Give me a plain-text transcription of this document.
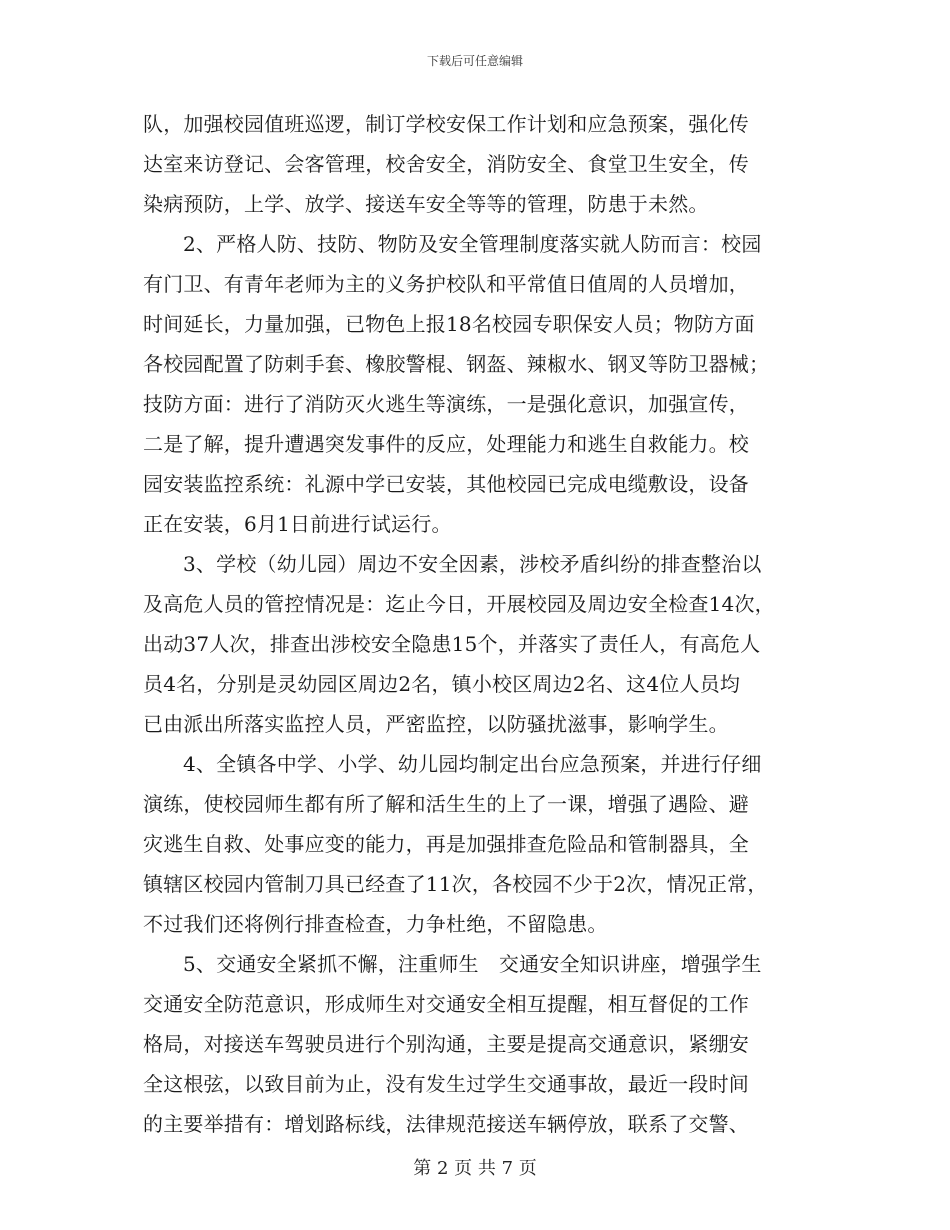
下载后可任意编辑
队，加强校园值班巡逻，制订学校安保工作计划和应急预案，强化传
达室来访登记、会客管理，校舍安全，消防安全、食堂卫生安全，传
染病预防，上学、放学、接送车安全等等的管理，防患于未然。
2、严格人防、技防、物防及安全管理制度落实就人防而言：校园
有门卫、有青年老师为主的义务护校队和平常值日值周的人员增加，
时间延长，力量加强，已物色上报18名校园专职保安人员；物防方面
各校园配置了防刺手套、橡胶警棍、钢盔、辣椒水、钢叉等防卫器械；
技防方面：进行了消防灭火逃生等演练，一是强化意识，加强宣传，
二是了解，提升遭遇突发事件的反应，处理能力和逃生自救能力。校
园安装监控系统：礼源中学已安装，其他校园已完成电缆敷设，设备
正在安装，6月1日前进行试运行。
3、学校（幼儿园）周边不安全因素，涉校矛盾纠纷的排查整治以
及高危人员的管控情况是：迄止今日，开展校园及周边安全检查14次，
出动37人次，排查出涉校安全隐患15个，并落实了责任人，有高危人
员4名，分别是灵幼园区周边2名，镇小校区周边2名、这4位人员均
已由派出所落实监控人员，严密监控，以防骚扰滋事，影响学生。
4、全镇各中学、小学、幼儿园均制定出台应急预案，并进行仔细
演练，使校园师生都有所了解和活生生的上了一课，增强了遇险、避
灾逃生自救、处事应变的能力，再是加强排查危险品和管制器具，全
镇辖区校园内管制刀具已经查了11次，各校园不少于2次，情况正常，
不过我们还将例行排查检查，力争杜绝，不留隐患。
5、交通安全紧抓不懈，注重师生　交通安全知识讲座，增强学生
交通安全防范意识，形成师生对交通安全相互提醒，相互督促的工作
格局，对接送车驾驶员进行个别沟通，主要是提高交通意识，紧绷安
全这根弦，以致目前为止，没有发生过学生交通事故，最近一段时间
的主要举措有：增划路标线，法律规范接送车辆停放，联系了交警、
第 2 页 共 7 页
